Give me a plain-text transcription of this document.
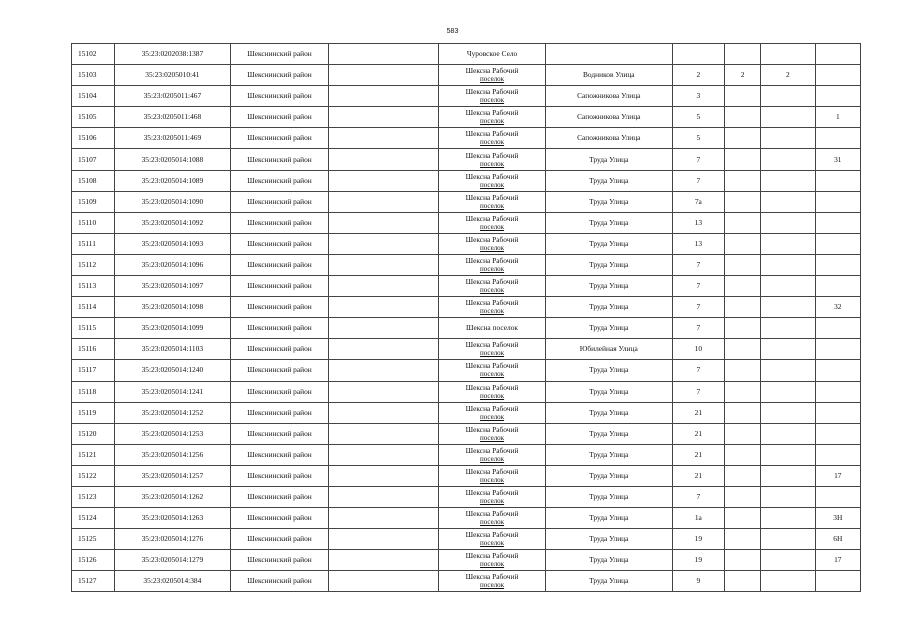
583
15102	35:23:0202038:1387	Шекснинский район		Чуровское Село					
15103	35:23:0205010:41	Шекснинский район		Шексна Рабочий
поселок	Водников Улица	2	2	2	
15104	35:23:0205011:467	Шекснинский район		Шексна Рабочий
поселок	Сапожникова Улица	3			
15105	35:23:0205011:468	Шекснинский район		Шексна Рабочий
поселок	Сапожникова Улица	5			1
15106	35:23:0205011:469	Шекснинский район		Шексна Рабочий
поселок	Сапожникова Улица	5			
15107	35:23:0205014:1088	Шекснинский район		Шексна Рабочий
поселок	Труда Улица	7			31
15108	35:23:0205014:1089	Шекснинский район		Шексна Рабочий
поселок	Труда Улица	7			
15109	35:23:0205014:1090	Шекснинский район		Шексна Рабочий
поселок	Труда Улица	7а			
15110	35:23:0205014:1092	Шекснинский район		Шексна Рабочий
поселок	Труда Улица	13			
15111	35:23:0205014:1093	Шекснинский район		Шексна Рабочий
поселок	Труда Улица	13			
15112	35:23:0205014:1096	Шекснинский район		Шексна Рабочий
поселок	Труда Улица	7			
15113	35:23:0205014:1097	Шекснинский район		Шексна Рабочий
поселок	Труда Улица	7			
15114	35:23:0205014:1098	Шекснинский район		Шексна Рабочий
поселок	Труда Улица	7			32
15115	35:23:0205014:1099	Шекснинский район		Шексна поселок	Труда Улица	7			
15116	35:23:0205014:1103	Шекснинский район		Шексна Рабочий
поселок	Юбилейная Улица	10			
15117	35:23:0205014:1240	Шекснинский район		Шексна Рабочий
поселок	Труда Улица	7			
15118	35:23:0205014:1241	Шекснинский район		Шексна Рабочий
поселок	Труда Улица	7			
15119	35:23:0205014:1252	Шекснинский район		Шексна Рабочий
поселок	Труда Улица	21			
15120	35:23:0205014:1253	Шекснинский район		Шексна Рабочий
поселок	Труда Улица	21			
15121	35:23:0205014:1256	Шекснинский район		Шексна Рабочий
поселок	Труда Улица	21			
15122	35:23:0205014:1257	Шекснинский район		Шексна Рабочий
поселок	Труда Улица	21			17
15123	35:23:0205014:1262	Шекснинский район		Шексна Рабочий
поселок	Труда Улица	7			
15124	35:23:0205014:1263	Шекснинский район		Шексна Рабочий
поселок	Труда Улица	1а			3Н
15125	35:23:0205014:1276	Шекснинский район		Шексна Рабочий
поселок	Труда Улица	19			6Н
15126	35:23:0205014:1279	Шекснинский район		Шексна Рабочий
поселок	Труда Улица	19			17
15127	35:23:0205014:384	Шекснинский район		Шексна Рабочий
поселок	Труда Улица	9			
